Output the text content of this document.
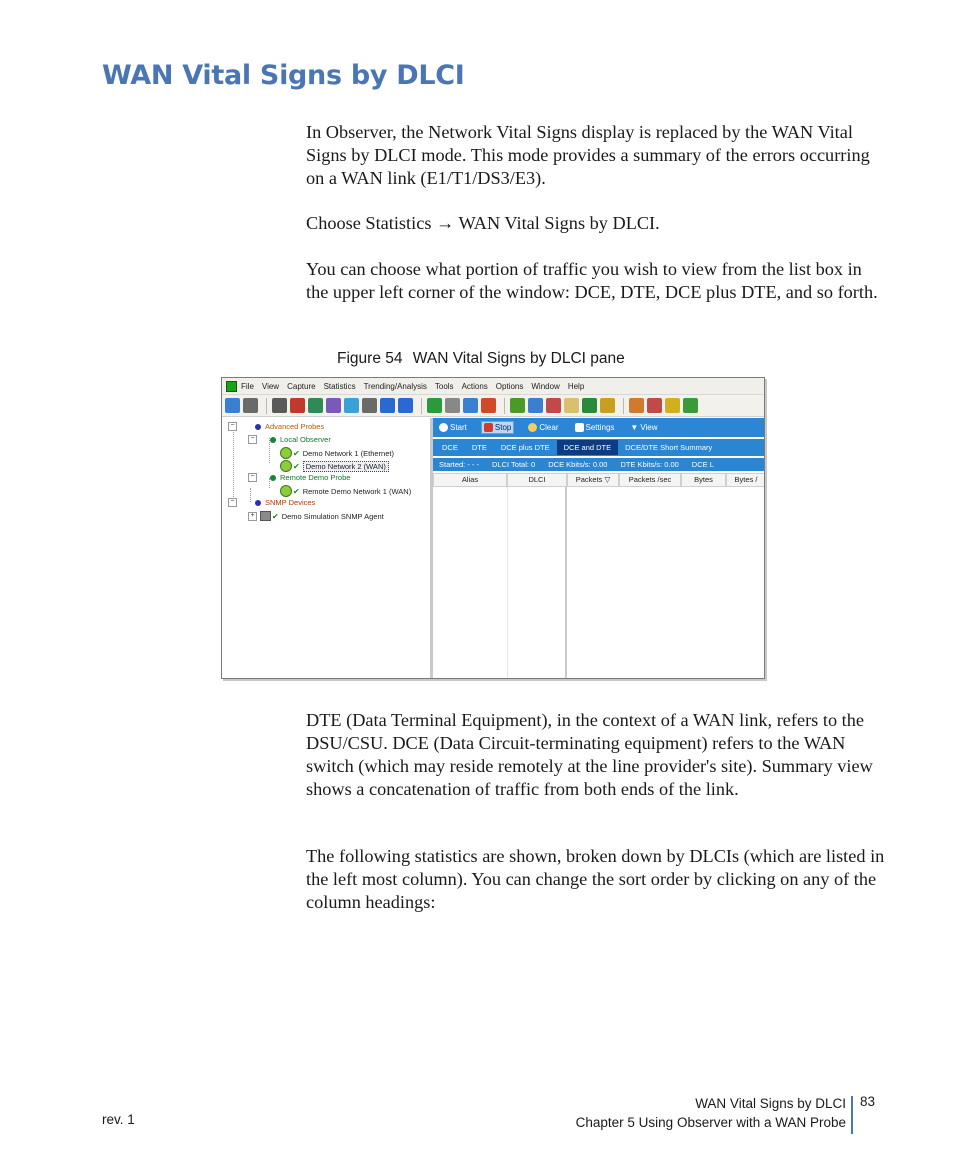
WAN Vital Signs by DLCI

In Observer, the Network Vital Signs display is replaced by the WAN Vital Signs by DLCI mode. This mode provides a summary of the errors occurring on a WAN link (E1/T1/DS3/E3).

Choose Statistics → WAN Vital Signs by DLCI.

You can choose what portion of traffic you wish to view from the list box in the upper left corner of the window: DCE, DTE, DCE plus DTE, and so forth.

Figure 54 WAN Vital Signs by DLCI pane
File View Capture Statistics Trending/Analysis Tools Actions Options Window Help
−	Advanced Probes
−	Local Observer
✔ Demo Network 1 (Ethernet)
✔ Demo Network 2 (WAN)
−	Remote Demo Probe
✔ Remote Demo Network 1 (WAN)
−	SNMP Devices
+	✔ Demo Simulation SNMP Agent
Start	Stop	Clear	Settings ▼ View
DCE	DTE	DCE plus DTE	DCE and DTE	DCE/DTE Short Summary
Started: - - - DLCI Total: 0 DCE Kbits/s: 0.00 DTE Kbits/s: 0.00 DCE L
Alias	DLCI	Packets ▽	Packets /sec	Bytes	Bytes /

DTE (Data Terminal Equipment), in the context of a WAN link, refers to the DSU/CSU. DCE (Data Circuit-terminating equipment) refers to the WAN switch (which may reside remotely at the line provider's site). Summary view shows a concatenation of traffic from both ends of the link.

The following statistics are shown, broken down by DLCIs (which are listed in the left most column). You can change the sort order by clicking on any of the column headings:

WAN Vital Signs by DLCI
Chapter 5 Using Observer with a WAN Probe
83
rev. 1
